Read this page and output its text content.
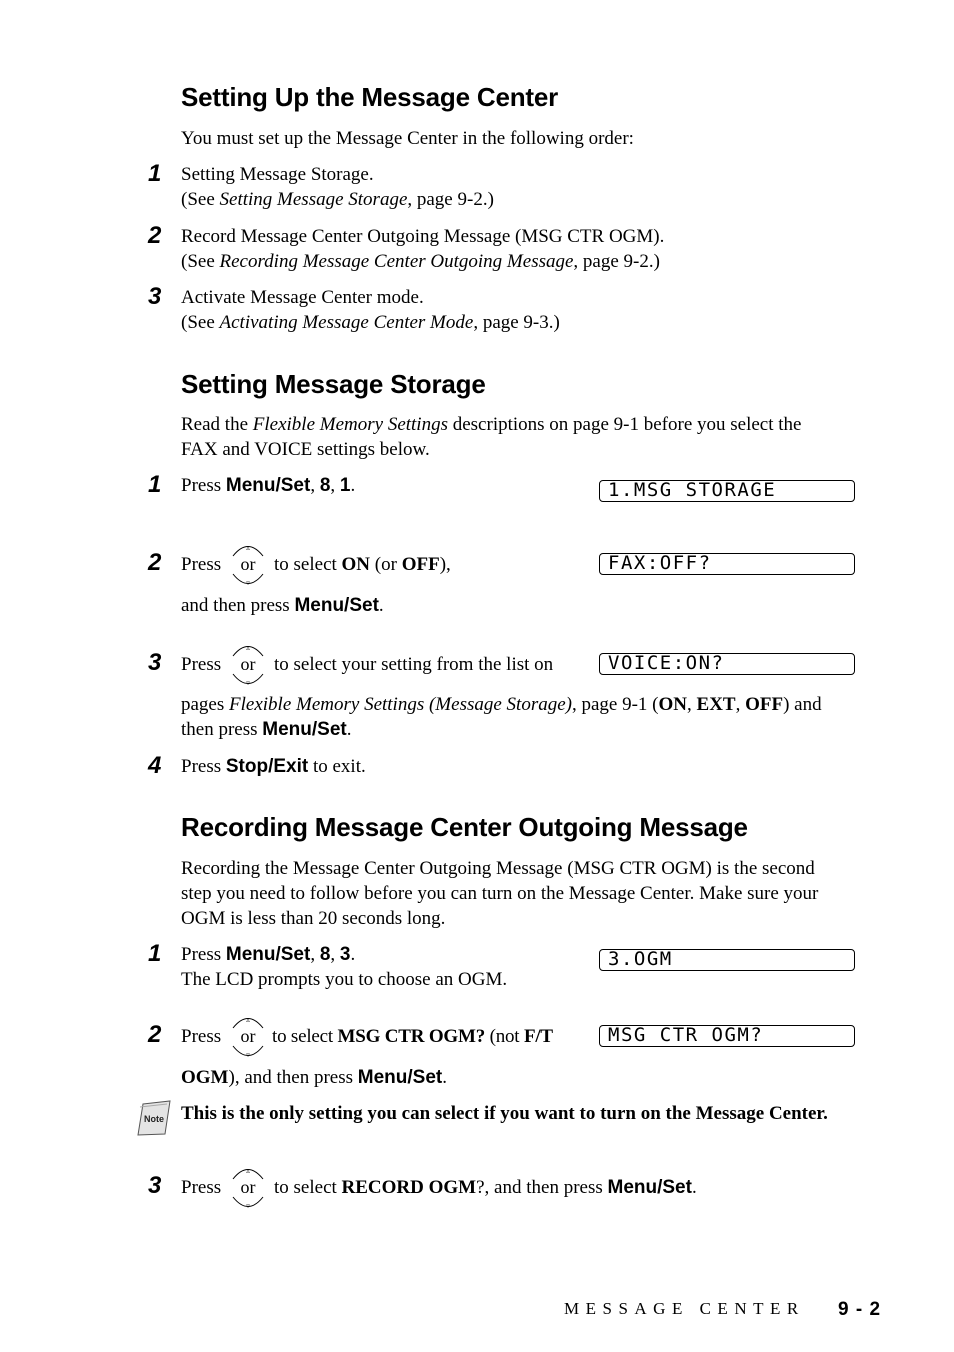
Setting Up the Message Center
You must set up the Message Center in the following order:
1 Setting Message Storage.
(See Setting Message Storage, page 9-2.)
2 Record Message Center Outgoing Message (MSG CTR OGM).
(See Recording Message Center Outgoing Message, page 9-2.)
3 Activate Message Center mode.
(See Activating Message Center Mode, page 9-3.)
Setting Message Storage
Read the Flexible Memory Settings descriptions on page 9-1 before you select the
FAX and VOICE settings below.
1 Press Menu/Set, 8, 1.	1.MSG STORAGE
2 Press
▵
▿
or to select ON (or OFF),
and then press Menu/Set.
FAX:OFF?
3 Press
▵
▿
or to select your setting from the list on
pages Flexible Memory Settings (Message Storage), page 9-1 (ON, EXT, OFF) and
then press Menu/Set.
VOICE:ON?
4 Press Stop/Exit to exit.
Recording Message Center Outgoing Message
Recording the Message Center Outgoing Message (MSG CTR OGM) is the second
step you need to follow before you can turn on the Message Center. Make sure your
OGM is less than 20 seconds long.
1 Press Menu/Set, 8, 3.
The LCD prompts you to choose an OGM.
3.OGM
2 Press
▵
▿
or to select MSG CTR OGM? (not F/T
OGM), and then press Menu/Set.
MSG CTR OGM?
Note This is the only setting you can select if you want to turn on the Message Center.
3 Press
▵
▿
or to select RECORD OGM?, and then press Menu/Set.
MESSAGE CENTER 9 - 2
